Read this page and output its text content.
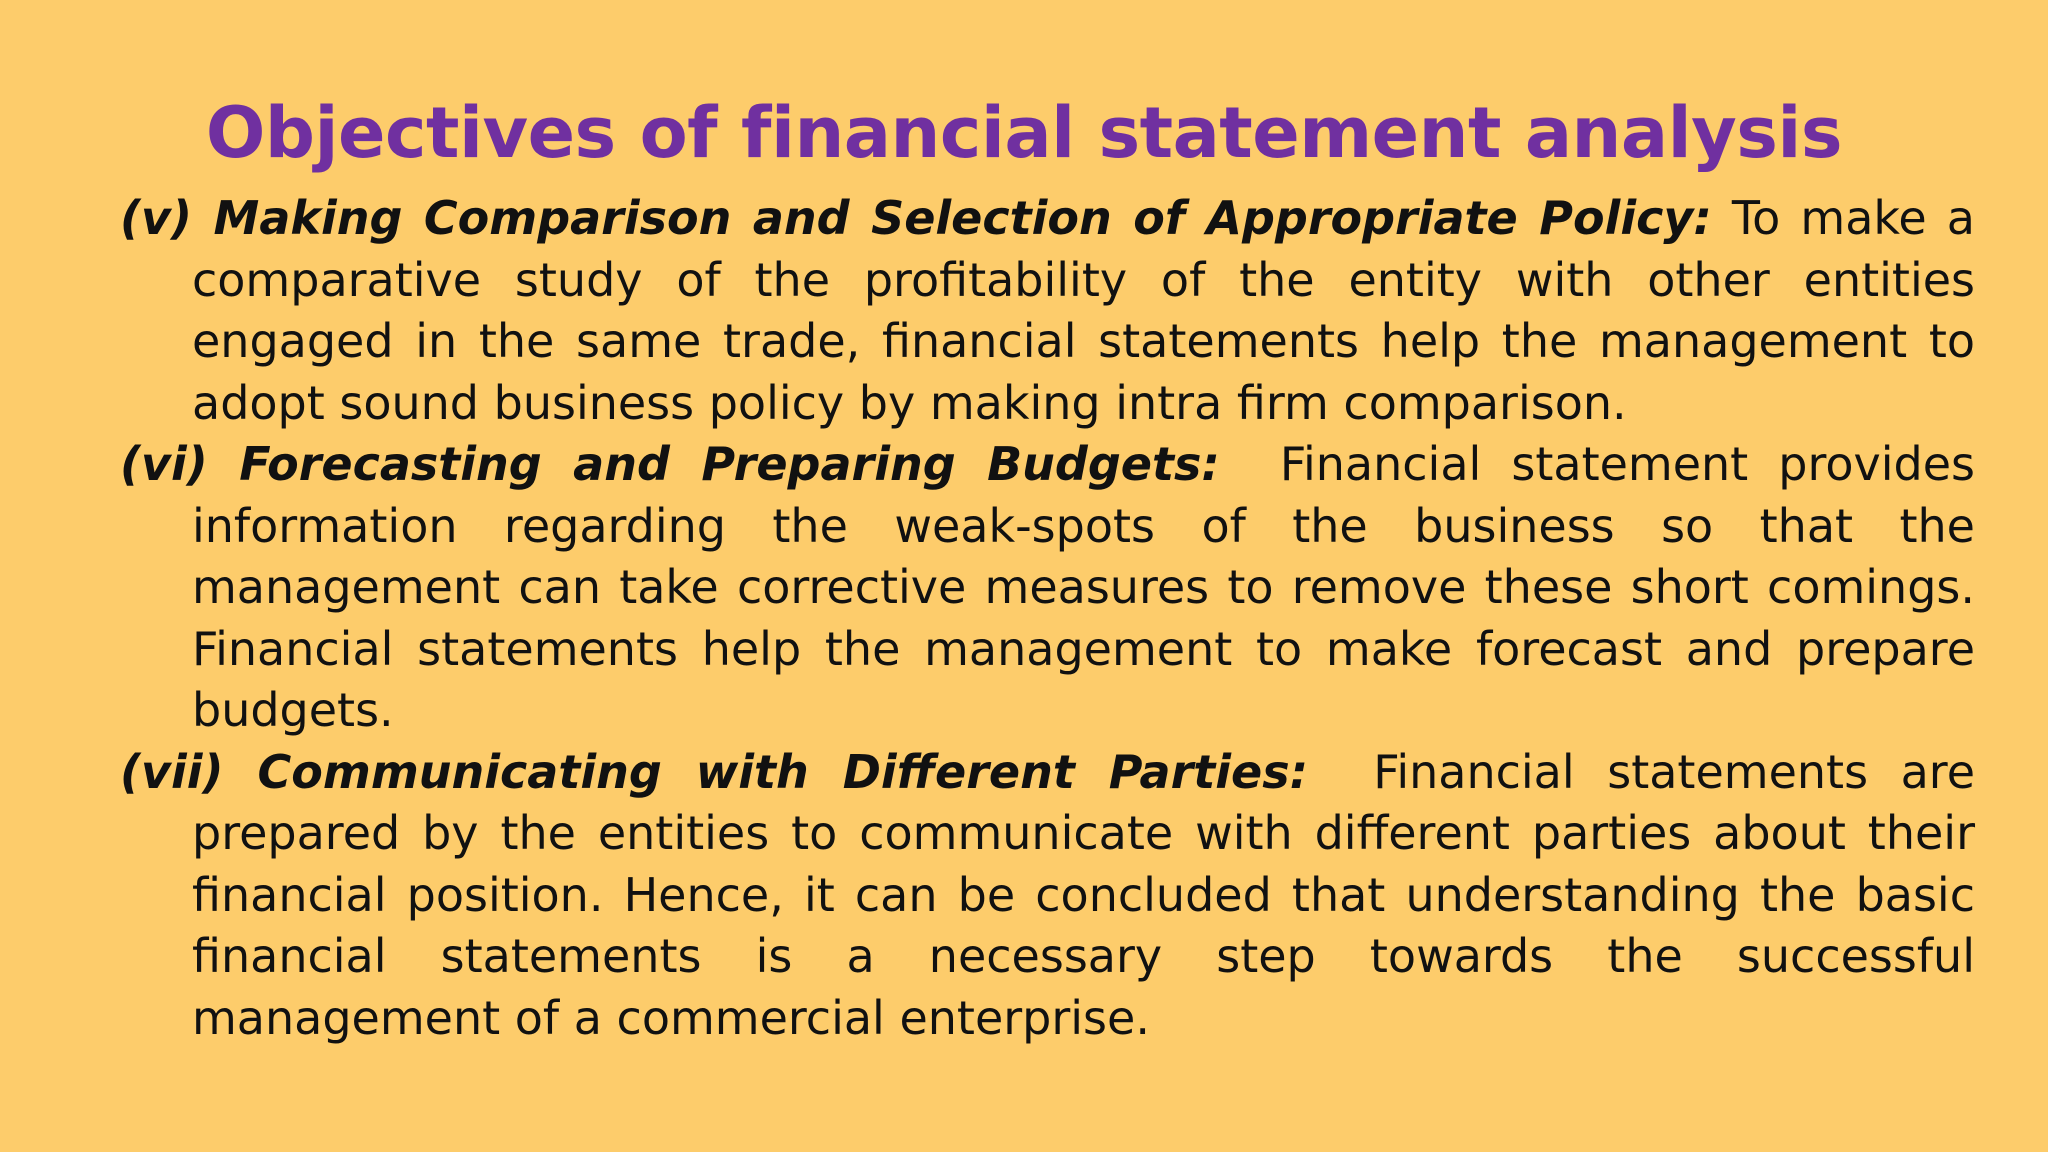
Objectives of financial statement analysis
(v) Making Comparison and Selection of Appropriate Policy: To make a comparative study of the profitability of the entity with other entities engaged in the same trade, financial statements help the management to adopt sound business policy by making intra firm comparison.
(vi) Forecasting and Preparing Budgets: Financial statement provides information regarding the weak-spots of the business so that the management can take corrective measures to remove these short comings. Financial statements help the management to make forecast and prepare budgets.
(vii) Communicating with Different Parties: Financial statements are prepared by the entities to communicate with different parties about their financial position. Hence, it can be concluded that understanding the basic financial statements is a necessary step towards the successful management of a commercial enterprise.
